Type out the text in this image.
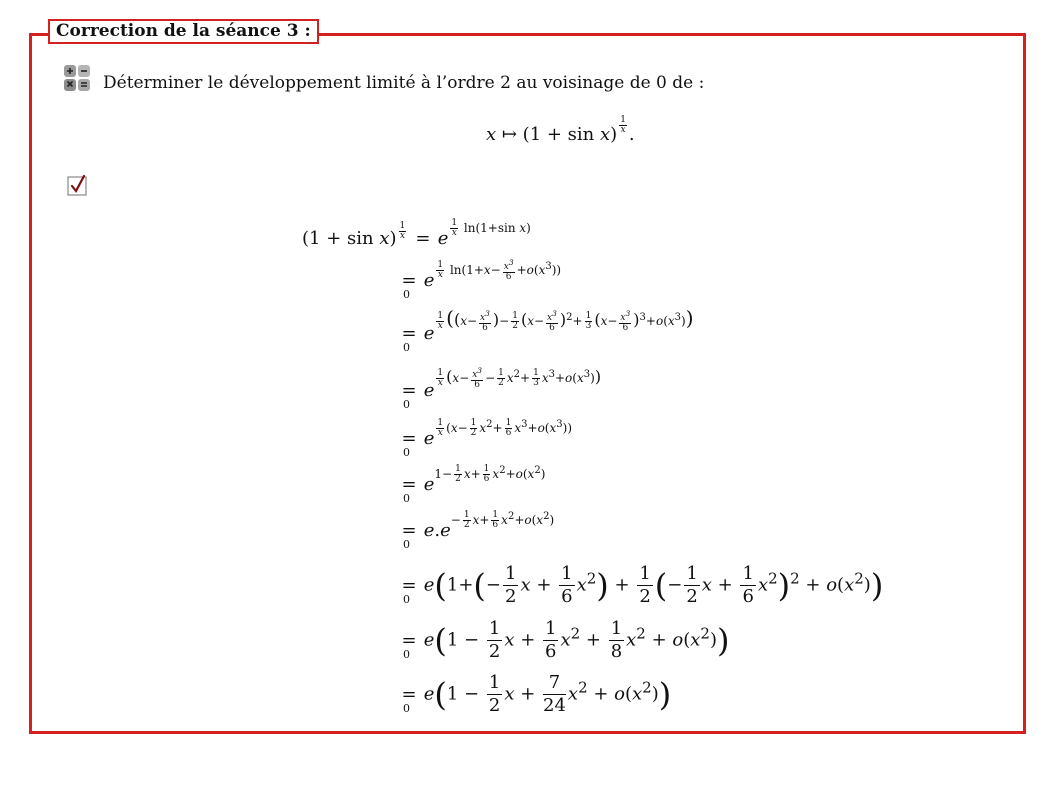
Correction de la séance 3 :
Déterminer le développement limité à l’ordre 2 au voisinage de 0 de :
x ↦ $(1 + \sin x) \frac{1}{x}$ .
$(1 + \sin x) \frac{1}{x} = e$ $^{\frac{1}{x} ln(1+sin x)}$
=
0
e $^{\frac{1}{x} ln(1+x- \frac{x^3}{6} +o(x^3))}$
=
0
e
$^{\frac{1}{x} ((x- \frac{x^3}{6} )- \frac{1}{2} (x- \frac{x^3}{6} )^2+ \frac{1}{3} (x- \frac{x^3}{6} )^3+o(x^3))}$
=
0
e
$^{\frac{1}{x} (x- \frac{x^3}{6} - \frac{1}{2} x^2+ \frac{1}{3} x^3+o(x^3))}$
=
0
e $^{\frac{1}{x} (x- \frac{1}{2} x^2+ \frac{1}{6} x^3+o(x^3))}$
=
0
$e^{1- \frac{1}{2} x+ \frac{1}{6} x^2+o(x^2)}$
=
0
$e.e^{- \frac{1}{2} x+ \frac{1}{6} x^2+o(x^2)}$
=
0
$e(1+(- \frac{1}{2}$ $x + \frac{1}{6} x^2) + \frac{1}{2}$ (− $\frac{1}{2}$ $x + \frac{1}{6} x^2)^2 + o(x^2)$)
=
0
$e(1 - \frac{1}{2}$ $x + \frac{1}{6} x^2 + \frac{1}{8} x^2 + o(x^2)$)
=
0
$e(1 - \frac{1}{2}$ $x + \frac{7}{24} x^2 + o(x^2)$)
